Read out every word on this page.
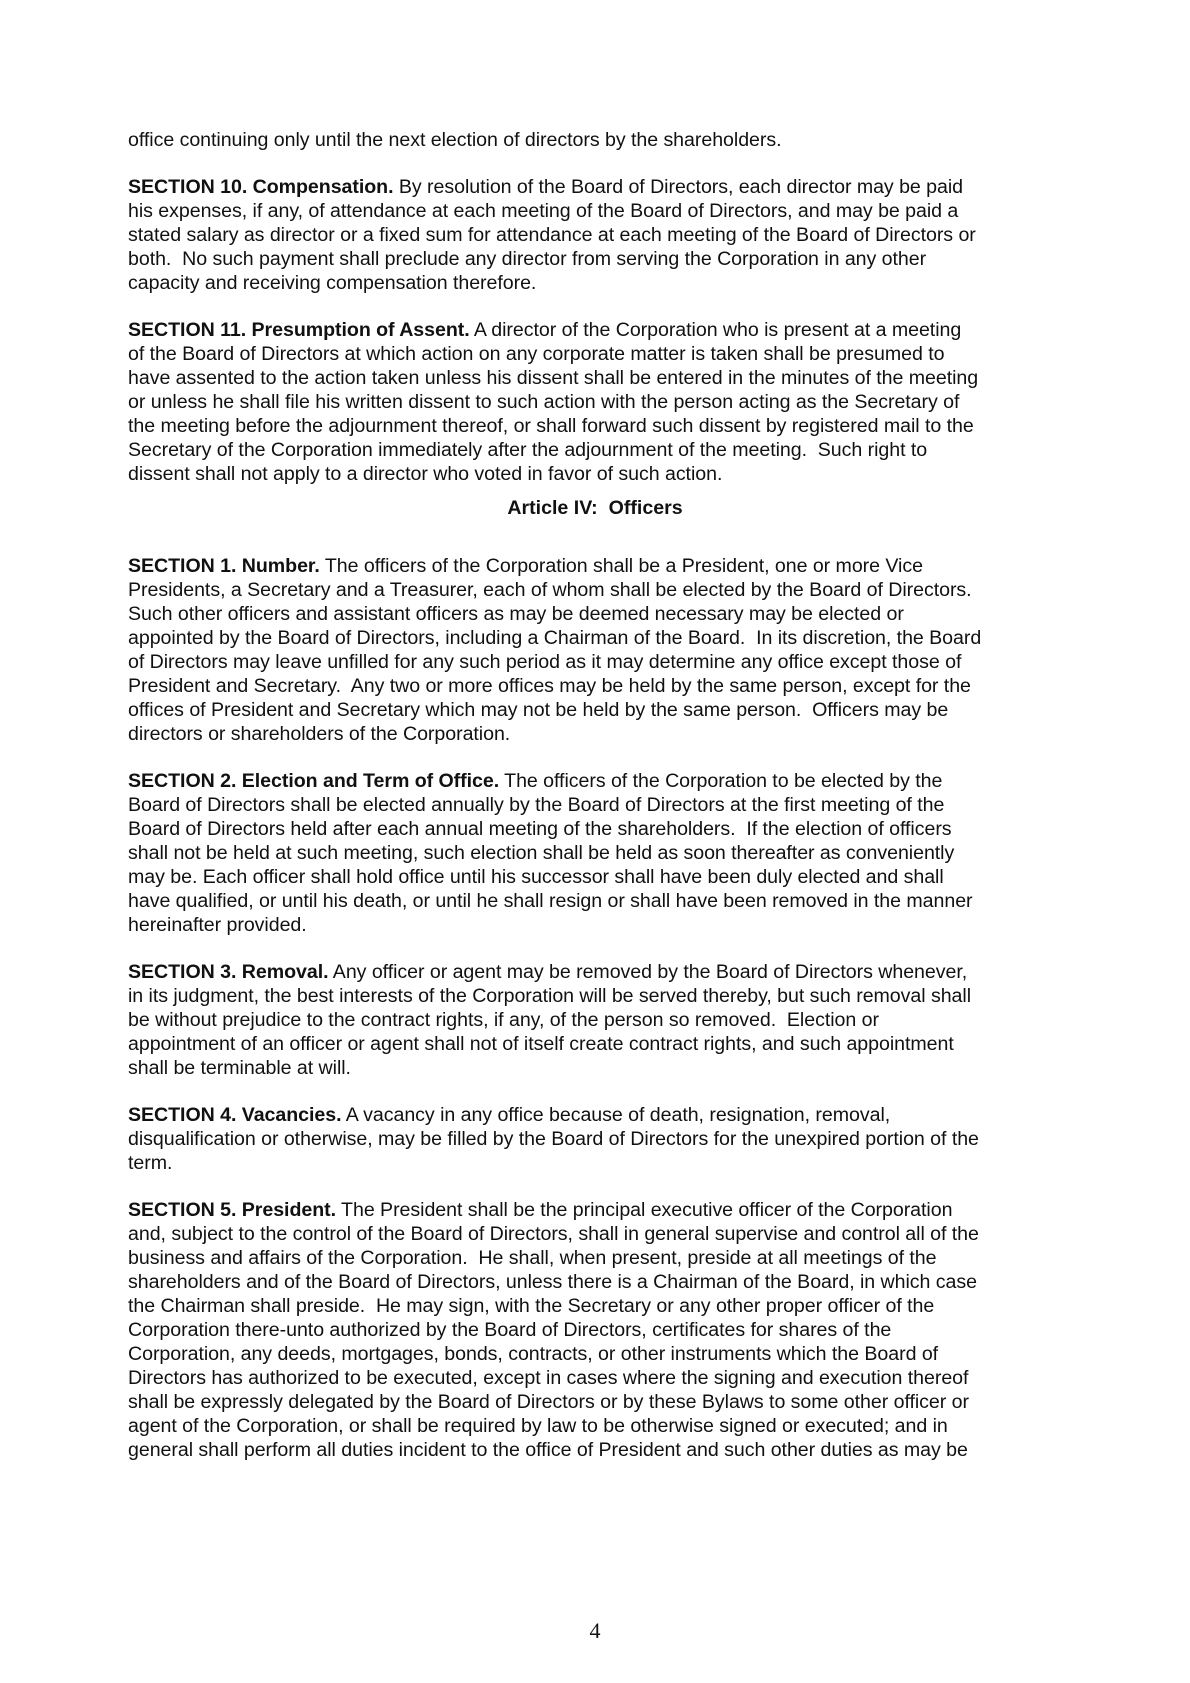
office continuing only until the next election of directors by the shareholders.
SECTION 10. Compensation. By resolution of the Board of Directors, each director may be paid
his expenses, if any, of attendance at each meeting of the Board of Directors, and may be paid a
stated salary as director or a fixed sum for attendance at each meeting of the Board of Directors or
both.  No such payment shall preclude any director from serving the Corporation in any other
capacity and receiving compensation therefore.
SECTION 11. Presumption of Assent. A director of the Corporation who is present at a meeting
of the Board of Directors at which action on any corporate matter is taken shall be presumed to
have assented to the action taken unless his dissent shall be entered in the minutes of the meeting
or unless he shall file his written dissent to such action with the person acting as the Secretary of
the meeting before the adjournment thereof, or shall forward such dissent by registered mail to the
Secretary of the Corporation immediately after the adjournment of the meeting.  Such right to
dissent shall not apply to a director who voted in favor of such action.
Article IV:  Officers
SECTION 1. Number. The officers of the Corporation shall be a President, one or more Vice
Presidents, a Secretary and a Treasurer, each of whom shall be elected by the Board of Directors.
Such other officers and assistant officers as may be deemed necessary may be elected or
appointed by the Board of Directors, including a Chairman of the Board.  In its discretion, the Board
of Directors may leave unfilled for any such period as it may determine any office except those of
President and Secretary.  Any two or more offices may be held by the same person, except for the
offices of President and Secretary which may not be held by the same person.  Officers may be
directors or shareholders of the Corporation.
SECTION 2. Election and Term of Office. The officers of the Corporation to be elected by the
Board of Directors shall be elected annually by the Board of Directors at the first meeting of the
Board of Directors held after each annual meeting of the shareholders.  If the election of officers
shall not be held at such meeting, such election shall be held as soon thereafter as conveniently
may be. Each officer shall hold office until his successor shall have been duly elected and shall
have qualified, or until his death, or until he shall resign or shall have been removed in the manner
hereinafter provided.
SECTION 3. Removal. Any officer or agent may be removed by the Board of Directors whenever,
in its judgment, the best interests of the Corporation will be served thereby, but such removal shall
be without prejudice to the contract rights, if any, of the person so removed.  Election or
appointment of an officer or agent shall not of itself create contract rights, and such appointment
shall be terminable at will.
SECTION 4. Vacancies. A vacancy in any office because of death, resignation, removal,
disqualification or otherwise, may be filled by the Board of Directors for the unexpired portion of the
term.
SECTION 5. President. The President shall be the principal executive officer of the Corporation
and, subject to the control of the Board of Directors, shall in general supervise and control all of the
business and affairs of the Corporation.  He shall, when present, preside at all meetings of the
shareholders and of the Board of Directors, unless there is a Chairman of the Board, in which case
the Chairman shall preside.  He may sign, with the Secretary or any other proper officer of the
Corporation there-unto authorized by the Board of Directors, certificates for shares of the
Corporation, any deeds, mortgages, bonds, contracts, or other instruments which the Board of
Directors has authorized to be executed, except in cases where the signing and execution thereof
shall be expressly delegated by the Board of Directors or by these Bylaws to some other officer or
agent of the Corporation, or shall be required by law to be otherwise signed or executed; and in
general shall perform all duties incident to the office of President and such other duties as may be
4
